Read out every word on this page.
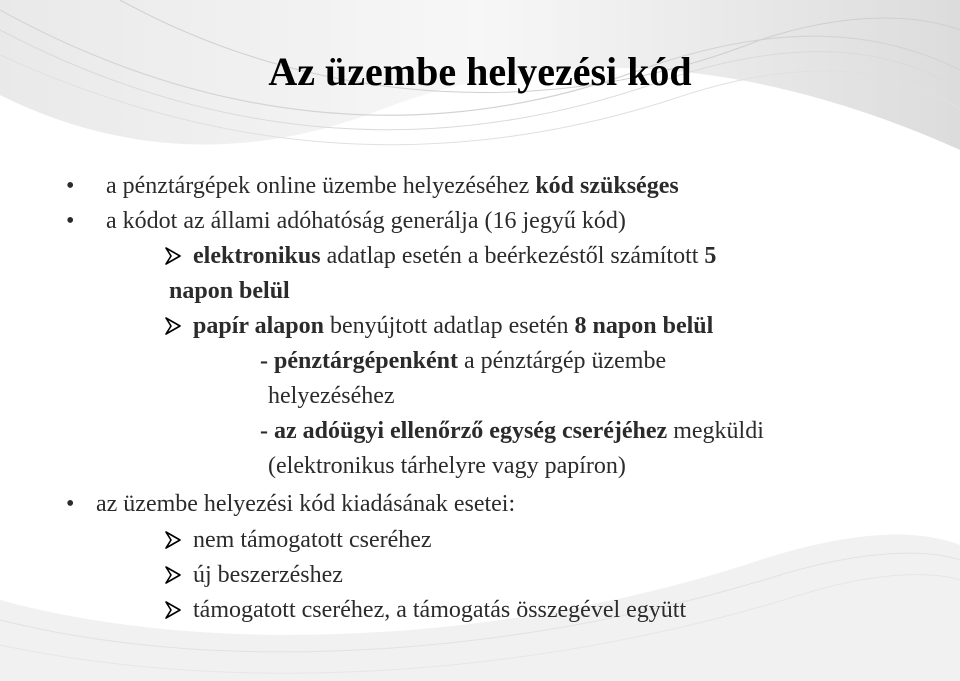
Az üzembe helyezési kód
• a pénztárgépek online üzembe helyezéséhez kód szükséges
• a kódot az állami adóhatóság generálja (16 jegyű kód)
elektronikus adatlap esetén a beérkezéstől számított 5
napon belül
papír alapon benyújtott adatlap esetén 8 napon belül
- pénztárgépenként a pénztárgép üzembe
helyezéséhez
- az adóügyi ellenőrző egység cseréjéhez megküldi
(elektronikus tárhelyre vagy papíron)
• az üzembe helyezési kód kiadásának esetei:
nem támogatott cseréhez
új beszerzéshez
támogatott cseréhez, a támogatás összegével együtt
